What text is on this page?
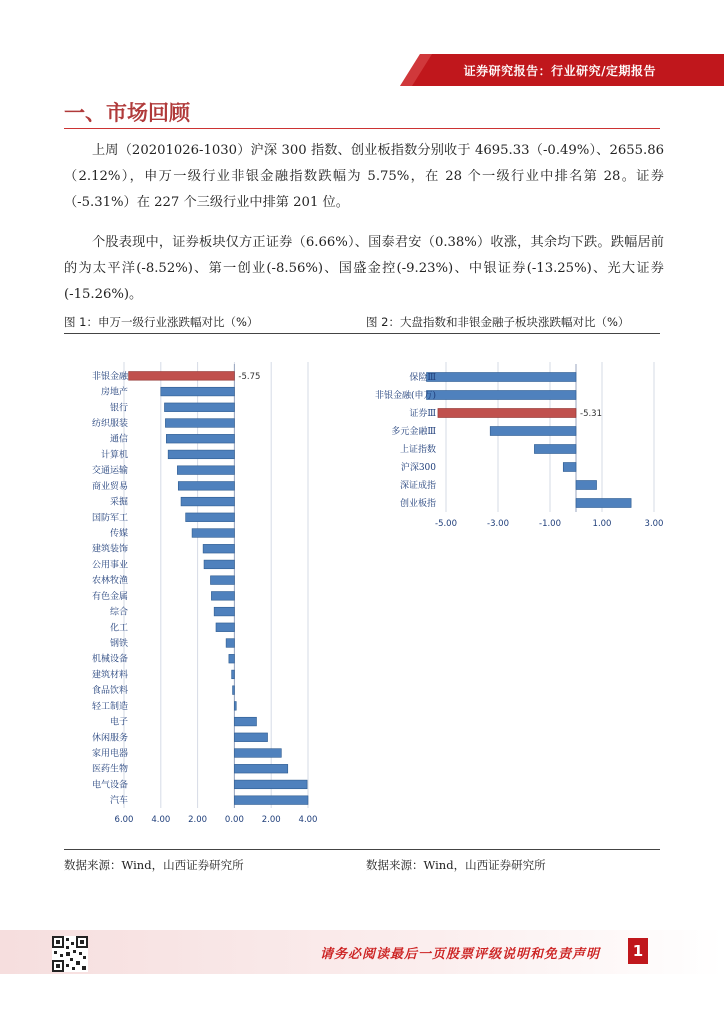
证券研究报告：行业研究/定期报告
一、市场回顾

上周（20201026-1030）沪深 300 指数、创业板指数分别收于 4695.33（-0.49%）、2655.86（2.12%），申万一级行业非银金融指数跌幅为 5.75%，在 28 个一级行业中排名第 28。证券（-5.31%）在 227 个三级行业中排第 201 位。

个股表现中，证券板块仅方正证券（6.66%）、国泰君安（0.38%）收涨，其余均下跌。跌幅居前的为太平洋(-8.52%)、第一创业(-8.56%)、国盛金控(-9.23%)、中银证券(-13.25%)、光大证券(-15.26%)。

图 1：申万一级行业涨跌幅对比（%）	图 2：大盘指数和非银金融子板块涨跌幅对比（%）
6.00 4.00 2.00 0.00 2.00 4.00
非银金融	-5.75
房地产
银行
纺织服装
通信
计算机
交通运输
商业贸易
采掘
国防军工
传媒
建筑装饰
公用事业
农林牧渔
有色金属
综合
化工
钢铁
机械设备
建筑材料
食品饮料
轻工制造
电子
休闲服务
家用电器
医药生物
电气设备
汽车
-5.00	-3.00	-1.00	1.00	3.00
保险Ⅲ
非银金融(申万)
证券Ⅲ	-5.31
多元金融Ⅲ
上证指数
沪深300
深证成指
创业板指
数据来源：Wind，山西证券研究所	数据来源：Wind，山西证券研究所
请务必阅读最后一页股票评级说明和免责声明	1
